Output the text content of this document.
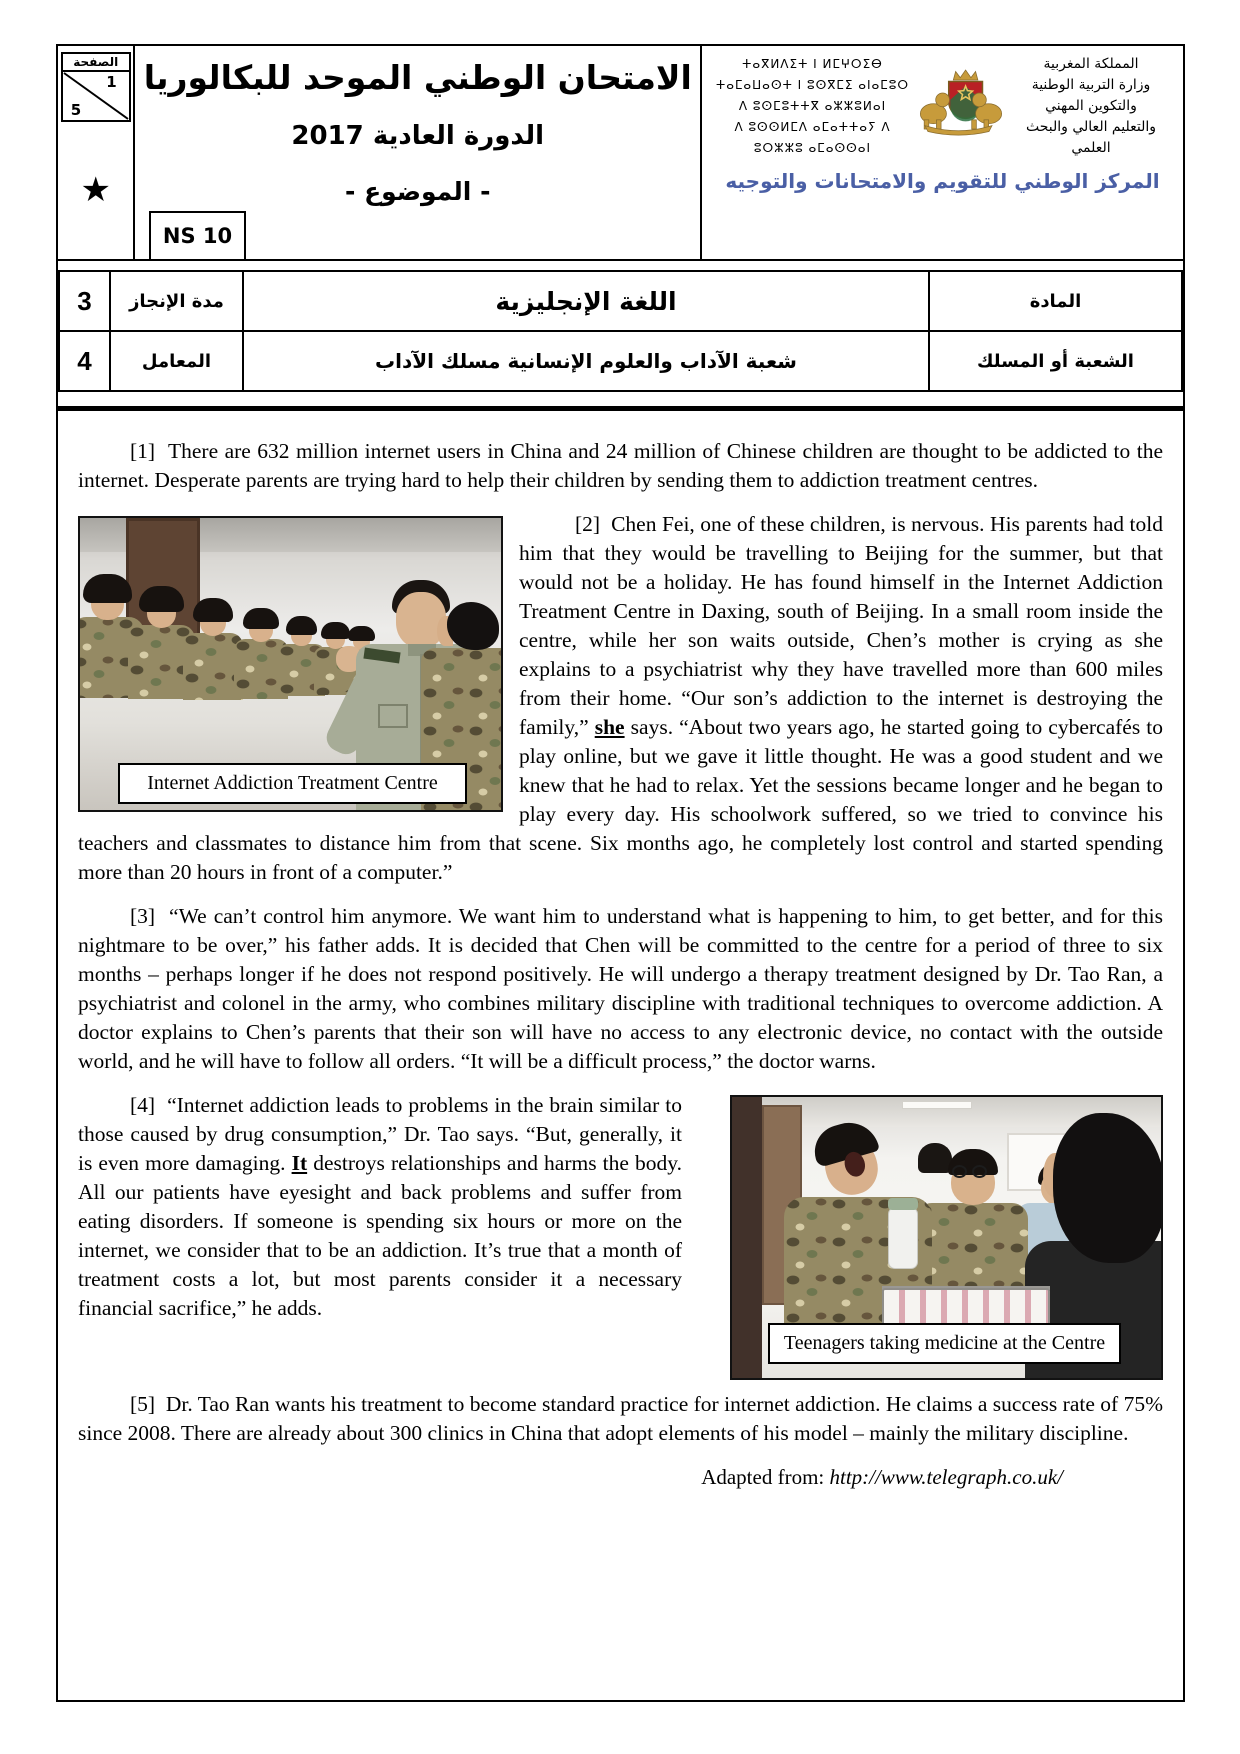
الصفحة
1
5
★
الامتحان الوطني الموحد للبكالوريا
الدورة العادية 2017
- الموضوع -
ⵜⴰⴳⵍⴷⵉⵜ ⵏ ⵍⵎⵖⵔⵉⴱ
ⵜⴰⵎⴰⵡⴰⵙⵜ ⵏ ⵓⵙⴳⵎⵉ ⴰⵏⴰⵎⵓⵔ
ⴷ ⵓⵙⵎⵓⵜⵜⴳ ⴰⵣⵣⵓⵍⴰⵏ
ⴷ ⵓⵙⵙⵍⵎⴷ ⴰⵎⴰⵜⵜⴰⵢ ⴷ ⵓⵔⵣⵣⵓ ⴰⵎⴰⵙⵙⴰⵏ
المملكة المغربية
وزارة التربية الوطنية
والتكوين المهني
والتعليم العالي والبحث العلمي
المركز الوطني للتقويم والامتحانات والتوجيه
NS 10
المادة	اللغة الإنجليزية	مدة الإنجاز	3
الشعبة أو المسلك	شعبة الآداب والعلوم الإنسانية مسلك الآداب	المعامل	4

[1]  There are 632 million internet users in China and 24 million of Chinese children are thought to be addicted to the internet. Desperate parents are trying hard to help their children by sending them to addiction treatment centres.

Internet Addiction Treatment Centre

[2]  Chen Fei, one of these children, is nervous. His parents had told him that they would be travelling to Beijing for the summer, but that would not be a holiday. He has found himself in the Internet Addiction Treatment Centre in Daxing, south of Beijing. In a small room inside the centre, while her son waits outside, Chen’s mother is crying as she explains to a psychiatrist why they have travelled more than 600 miles from their home. “Our son’s addiction to the internet is destroying the family,” she says. “About two years ago, he started going to cybercafés to play online, but we gave it little thought. He was a good student and we knew that he had to relax. Yet the sessions became longer and he began to play every day. His schoolwork suffered, so we tried to convince his teachers and classmates to distance him from that scene. Six months ago, he completely lost control and started spending more than 20 hours in front of a computer.”

[3]  “We can’t control him anymore. We want him to understand what is happening to him, to get better, and for this nightmare to be over,” his father adds. It is decided that Chen will be committed to the centre for a period of three to six months – perhaps longer if he does not respond positively. He will undergo a therapy treatment designed by Dr. Tao Ran, a psychiatrist and colonel in the army, who combines military discipline with traditional techniques to overcome addiction. A doctor explains to Chen’s parents that their son will have no access to any electronic device, no contact with the outside world, and he will have to follow all orders. “It will be a difficult process,” the doctor warns.

Teenagers taking medicine at the Centre

[4]  “Internet addiction leads to problems in the brain similar to those caused by drug consumption,” Dr. Tao says. “But, generally, it is even more damaging. It destroys relationships and harms the body. All our patients have eyesight and back problems and suffer from eating disorders. If someone is spending six hours or more on the internet, we consider that to be an addiction. It’s true that a month of treatment costs a lot, but most parents consider it a necessary financial sacrifice,” he adds.

[5]  Dr. Tao Ran wants his treatment to become standard practice for internet addiction. He claims a success rate of 75% since 2008. There are already about 300 clinics in China that adopt elements of his model – mainly the military discipline.

Adapted from: http://www.telegraph.co.uk/
